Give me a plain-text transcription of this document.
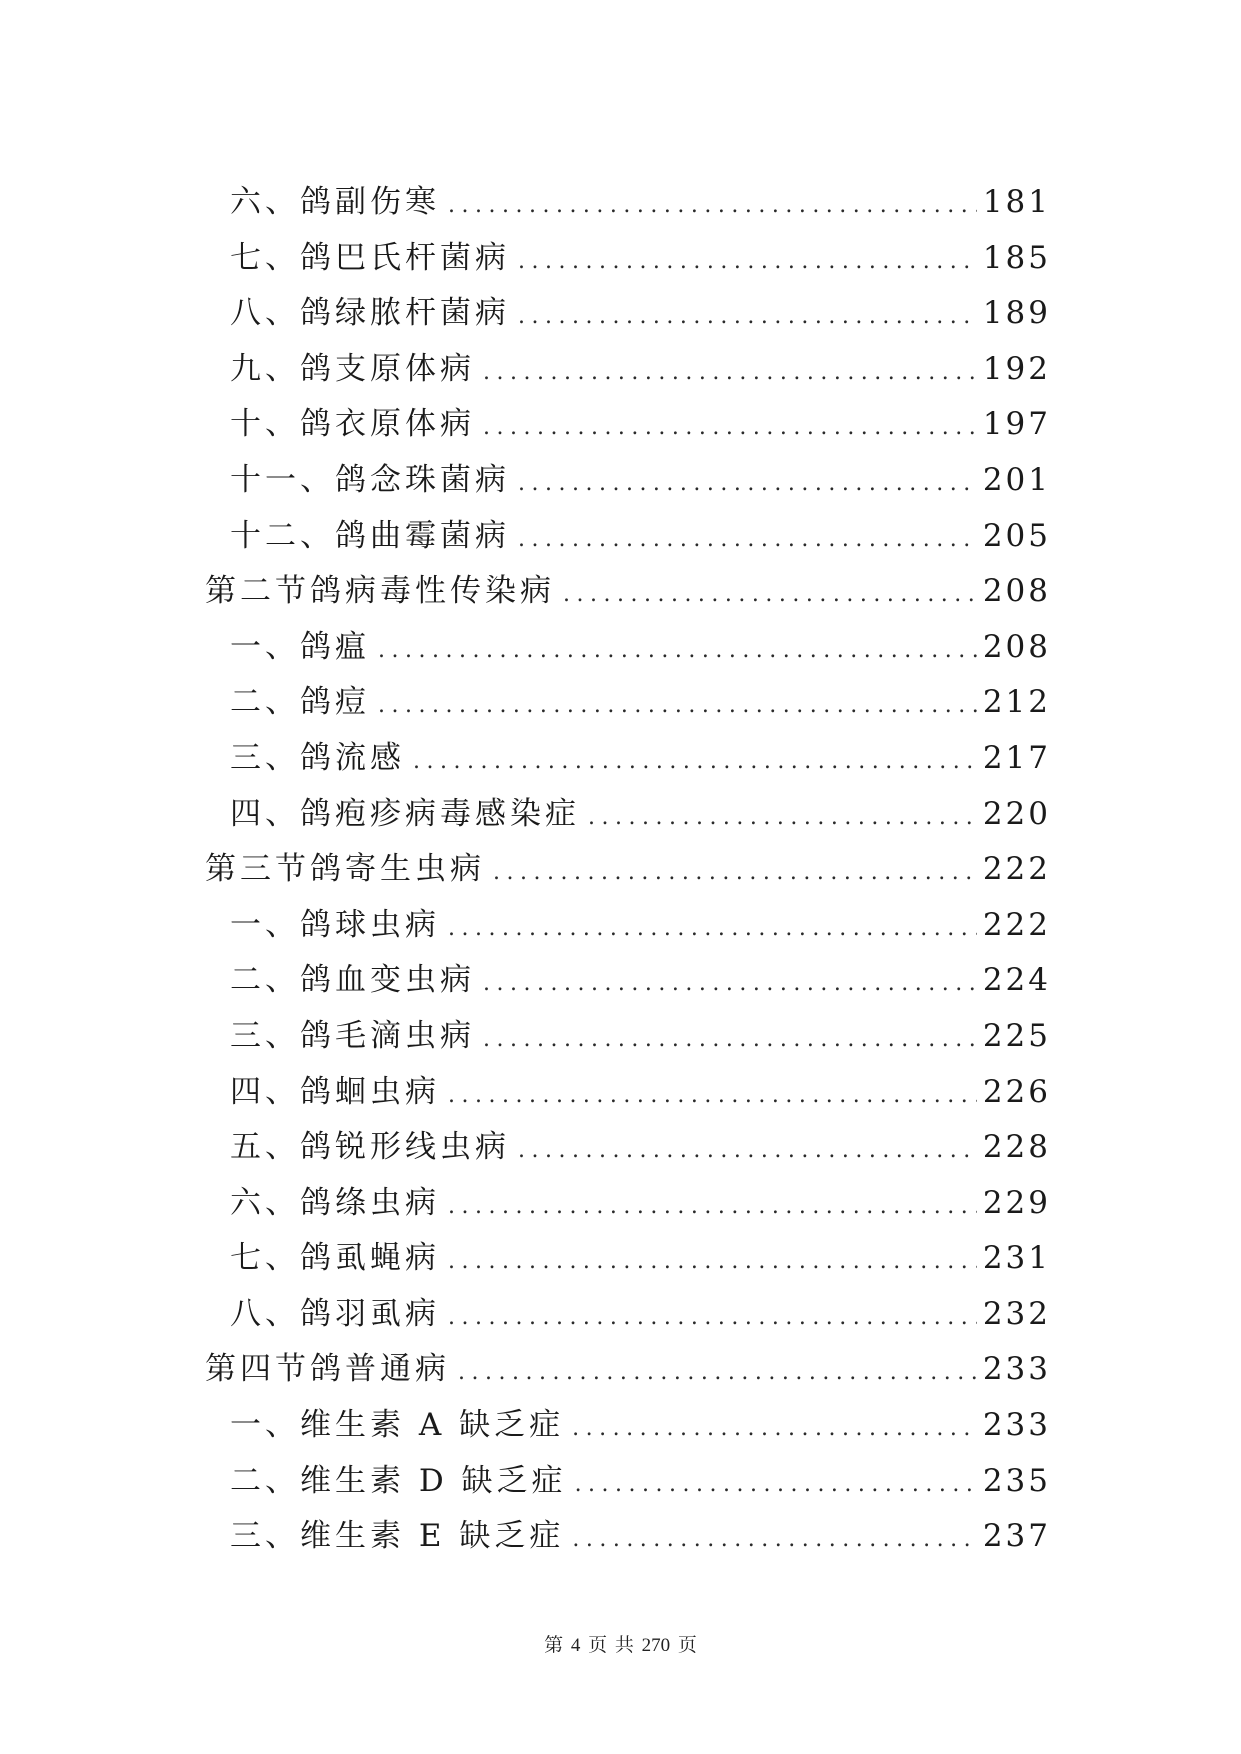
六、鸽副伤寒 .....	181
七、鸽巴氏杆菌病 .....	185
八、鸽绿脓杆菌病 .....	189
九、鸽支原体病 .....	192
十、鸽衣原体病 .....	197
十一、鸽念珠菌病 .....	201
十二、鸽曲霉菌病 .....	205
第二节鸽病毒性传染病 .....	208
一、鸽瘟 .....	208
二、鸽痘 .....	212
三、鸽流感 .....	217
四、鸽疱疹病毒感染症 .....	220
第三节鸽寄生虫病 .....	222
一、鸽球虫病 .....	222
二、鸽血变虫病 .....	224
三、鸽毛滴虫病 .....	225
四、鸽蛔虫病 .....	226
五、鸽锐形线虫病 .....	228
六、鸽绦虫病 .....	229
七、鸽虱蝇病 .....	231
八、鸽羽虱病 .....	232
第四节鸽普通病 .....	233
一、维生素 A 缺乏症 .....	233
二、维生素 D 缺乏症 .....	235
三、维生素 E 缺乏症 .....	237
第 4 页 共 270 页
